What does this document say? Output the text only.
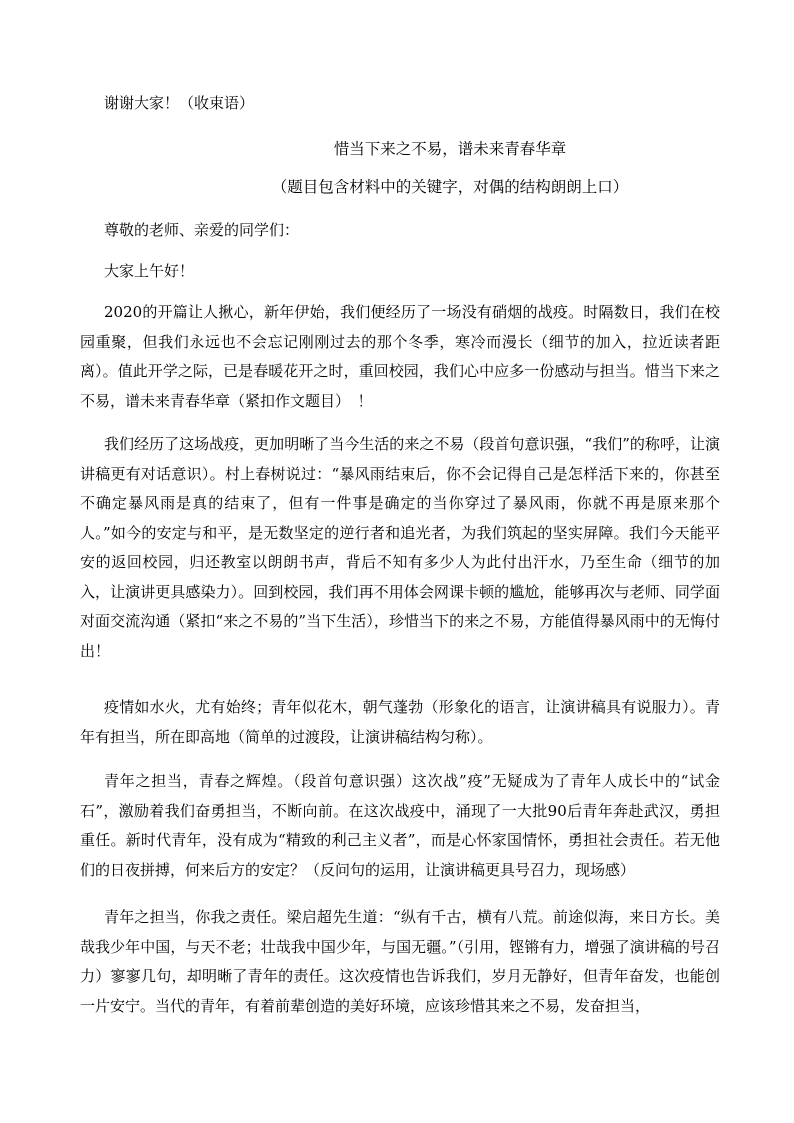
谢谢大家！（收束语）

惜当下来之不易，谱未来青春华章

（题目包含材料中的关键字，对偶的结构朗朗上口）

尊敬的老师、亲爱的同学们：

大家上午好！

2020的开篇让人揪心，新年伊始，我们便经历了一场没有硝烟的战疫。时隔数日，我们在校园重聚，但我们永远也不会忘记刚刚过去的那个冬季，寒冷而漫长（细节的加入，拉近读者距离）。值此开学之际，已是春暖花开之时，重回校园，我们心中应多一份感动与担当。惜当下来之不易，谱未来青春华章（紧扣作文题目）　！

我们经历了这场战疫，更加明晰了当今生活的来之不易（段首句意识强，“我们”的称呼，让演讲稿更有对话意识）。村上春树说过：“暴风雨结束后，你不会记得自己是怎样活下来的，你甚至不确定暴风雨是真的结束了，但有一件事是确定的当你穿过了暴风雨，你就不再是原来那个人。”如今的安定与和平，是无数坚定的逆行者和追光者，为我们筑起的坚实屏障。我们今天能平安的返回校园，归还教室以朗朗书声，背后不知有多少人为此付出汗水，乃至生命（细节的加入，让演讲更具感染力）。回到校园，我们再不用体会网课卡顿的尴尬，能够再次与老师、同学面对面交流沟通（紧扣“来之不易的”当下生活），珍惜当下的来之不易，方能值得暴风雨中的无悔付出！

疫情如水火，尤有始终；青年似花木，朝气蓬勃（形象化的语言，让演讲稿具有说服力）。青年有担当，所在即高地（简单的过渡段，让演讲稿结构匀称）。

青年之担当，青春之辉煌。（段首句意识强）这次战”疫”无疑成为了青年人成长中的“试金石”，激励着我们奋勇担当，不断向前。在这次战疫中，涌现了一大批90后青年奔赴武汉，勇担重任。新时代青年，没有成为“精致的利己主义者”，而是心怀家国情怀，勇担社会责任。若无他们的日夜拼搏，何来后方的安定？（反问句的运用，让演讲稿更具号召力，现场感）

青年之担当，你我之责任。梁启超先生道：“纵有千古，横有八荒。前途似海，来日方长。美哉我少年中国，与天不老；壮哉我中国少年，与国无疆。”（引用，铿锵有力，增强了演讲稿的号召力）寥寥几句，却明晰了青年的责任。这次疫情也告诉我们，岁月无静好，但青年奋发，也能创一片安宁。当代的青年，有着前辈创造的美好环境，应该珍惜其来之不易，发奋担当，
